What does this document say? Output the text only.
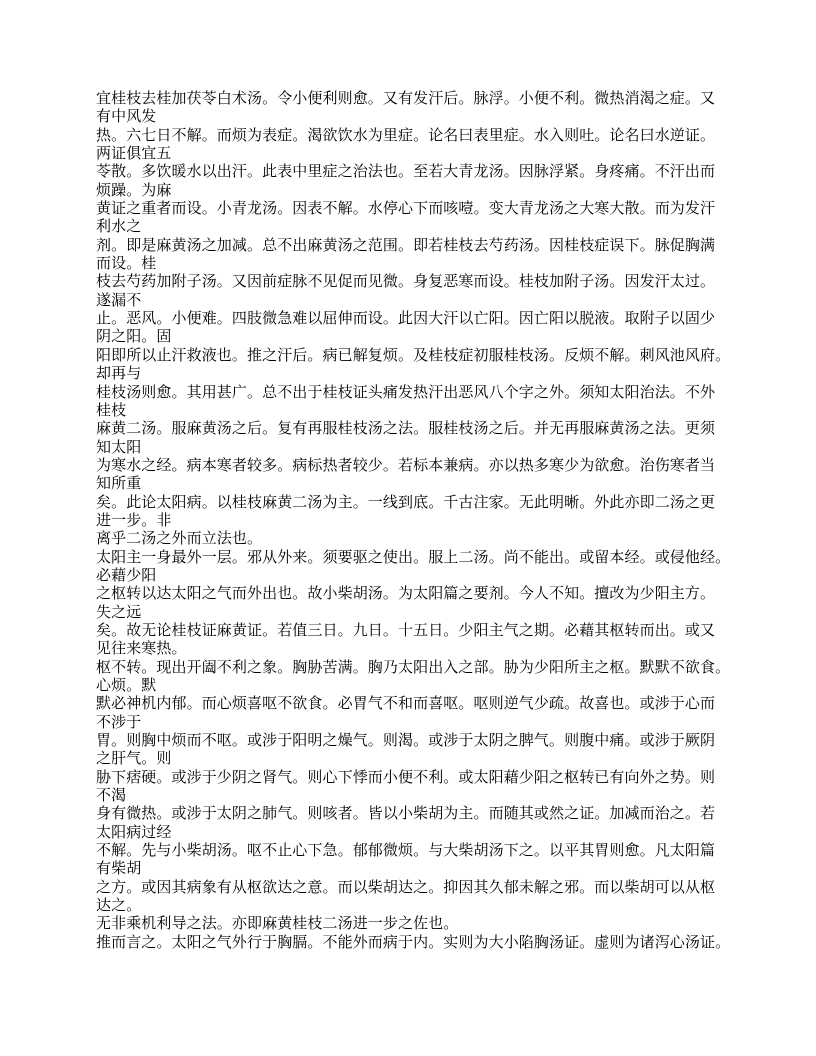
宜桂枝去桂加茯苓白术汤。令小便利则愈。又有发汗后。脉浮。小便不利。微热消渴之症。又
有中风发
热。六七日不解。而烦为表症。渴欲饮水为里症。论名曰表里症。水入则吐。论名曰水逆证。
两证俱宜五
苓散。多饮暖水以出汗。此表中里症之治法也。至若大青龙汤。因脉浮紧。身疼痛。不汗出而
烦躁。为麻
黄证之重者而设。小青龙汤。因表不解。水停心下而咳噎。变大青龙汤之大寒大散。而为发汗
利水之
剂。即是麻黄汤之加减。总不出麻黄汤之范围。即若桂枝去芍药汤。因桂枝症误下。脉促胸满
而设。桂
枝去芍药加附子汤。又因前症脉不见促而见微。身复恶寒而设。桂枝加附子汤。因发汗太过。
遂漏不
止。恶风。小便难。四肢微急难以屈伸而设。此因大汗以亡阳。因亡阳以脱液。取附子以固少
阴之阳。固
阳即所以止汗救液也。推之汗后。病已解复烦。及桂枝症初服桂枝汤。反烦不解。刺风池风府。
却再与
桂枝汤则愈。其用甚广。总不出于桂枝证头痛发热汗出恶风八个字之外。须知太阳治法。不外
桂枝
麻黄二汤。服麻黄汤之后。复有再服桂枝汤之法。服桂枝汤之后。并无再服麻黄汤之法。更须
知太阳
为寒水之经。病本寒者较多。病标热者较少。若标本兼病。亦以热多寒少为欲愈。治伤寒者当
知所重
矣。此论太阳病。以桂枝麻黄二汤为主。一线到底。千古注家。无此明晰。外此亦即二汤之更
进一步。非
离乎二汤之外而立法也。
太阳主一身最外一层。邪从外来。须要驱之使出。服上二汤。尚不能出。或留本经。或侵他经。
必藉少阳
之枢转以达太阳之气而外出也。故小柴胡汤。为太阳篇之要剂。今人不知。擅改为少阳主方。
失之远
矣。故无论桂枝证麻黄证。若值三日。九日。十五日。少阳主气之期。必藉其枢转而出。或又
见往来寒热。
枢不转。现出开阖不利之象。胸胁苦满。胸乃太阳出入之部。胁为少阳所主之枢。默默不欲食。
心烦。默
默必神机内郁。而心烦喜呕不欲食。必胃气不和而喜呕。呕则逆气少疏。故喜也。或涉于心而
不涉于
胃。则胸中烦而不呕。或涉于阳明之燥气。则渴。或涉于太阴之脾气。则腹中痛。或涉于厥阴
之肝气。则
胁下痞硬。或涉于少阴之肾气。则心下悸而小便不利。或太阳藉少阳之枢转已有向外之势。则
不渴
身有微热。或涉于太阴之肺气。则咳者。皆以小柴胡为主。而随其或然之证。加减而治之。若
太阳病过经
不解。先与小柴胡汤。呕不止心下急。郁郁微烦。与大柴胡汤下之。以平其胃则愈。凡太阳篇
有柴胡
之方。或因其病象有从枢欲达之意。而以柴胡达之。抑因其久郁未解之邪。而以柴胡可以从枢
达之。
无非乘机利导之法。亦即麻黄桂枝二汤进一步之佐也。
推而言之。太阳之气外行于胸膈。不能外而病于内。实则为大小陷胸汤证。虚则为诸泻心汤证。
